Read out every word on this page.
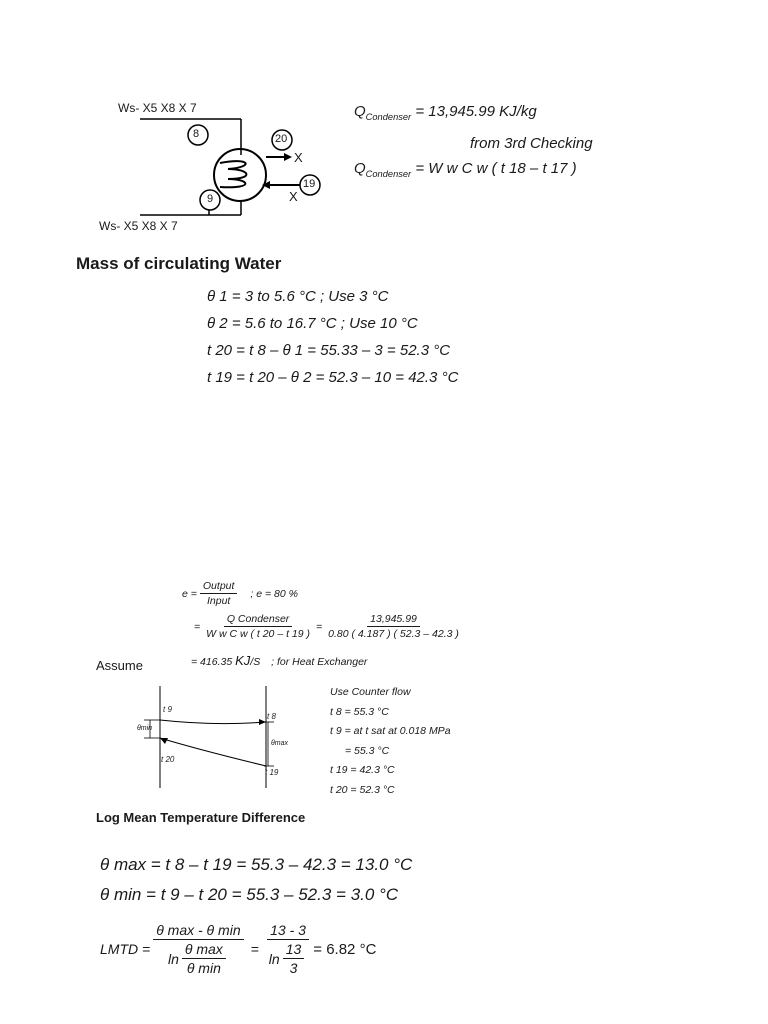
Ws- X5 X8 X 7
Ws- X5 X8 X 7
8	20
19
9
X
X
$Q_{Condenser} = 13,945.99$ KJ/kg
from 3rd Checking
$Q_{Condenser} = W$ w C w ( t 18 – t 17 )
Mass of circulating Water
θ 1 = 3 to 5.6 °C ; Use 3 °C
θ 2 = 5.6 to 16.7 °C ; Use 10 °C
t 20 = t 8 – θ 1 = 55.33 – 3 = 52.3 °C
t 19 = t 20 – θ 2 = 52.3 – 10 = 42.3 °C
$e = \frac{\text{Output}}{\text{Input}}$ ; e = 80 %
= $\frac{\text{Q Condenser}}{\text{W w C w ( t 20 – t 19 )}} = \frac{13,945.99}{0.80 ( 4.187 ) ( 52.3 - 42.3 )}$
= 416.35 KJ/S ; for Heat Exchanger
Assume
t 9
t 8
t 20
t 19
θmin
θmax
Use Counter flow
t 8 = 55.3 °C
t 9 = at t sat at 0.018 MPa
= 55.3 °C
t 19 = 42.3 °C
t 20 = 52.3 °C
Log Mean Temperature Difference
θ max = t 8 – t 19 = 55.3 – 42.3 = 13.0 °C
θ min = t 9 – t 20 = 55.3 – 52.3 = 3.0 °C
LMTD = $\frac{\text{θ max - θ min}}{\ln \frac{\text{θ max}}{\text{θ min}}} = \frac{13 - 3}{\ln \frac{13}{3}} = 6.82$ °C
